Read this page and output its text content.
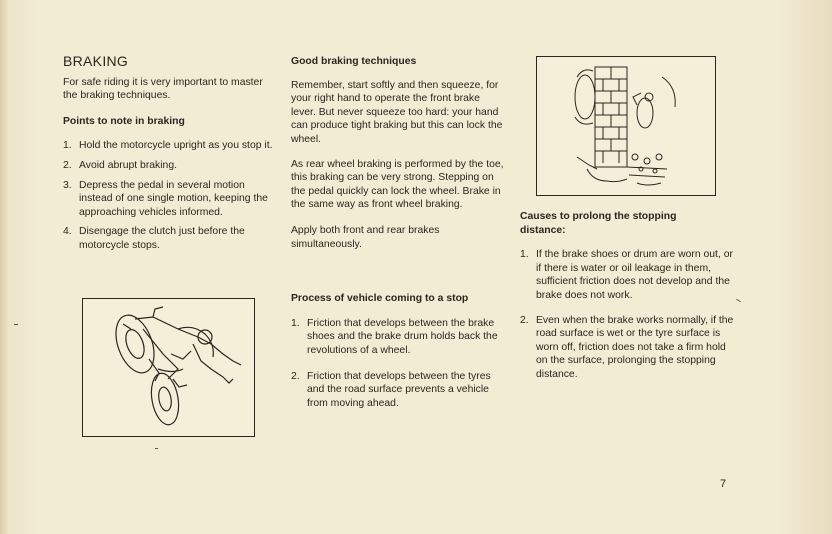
BRAKING

For safe riding it is very important to master the braking techniques.

Points to note in braking
1. Hold the motorcycle upright as you stop it.
2. Avoid abrupt braking.
3. Depress the pedal in several motion instead of one single motion, keeping the approaching vehicles informed.
4. Disengage the clutch just before the motorcycle stops.
Good braking techniques

Remember, start softly and then squeeze, for your right hand to operate the front brake lever. But never squeeze too hard: your hand can produce tight braking but this can lock the wheel.

As rear wheel braking is performed by the toe, this braking can be very strong. Stepping on the pedal quickly can lock the wheel. Brake in the same way as front wheel braking.

Apply both front and rear brakes simultaneously.

Process of vehicle coming to a stop
1. Friction that develops between the brake shoes and the brake drum holds back the revolutions of a wheel.
2. Friction that develops between the tyres and the road surface prevents a vehicle from moving ahead.
Causes to prolong the stopping distance:
1. If the brake shoes or drum are worn out, or if there is water or oil leakage in them, sufficient friction does not develop and the brake does not work.
2. Even when the brake works normally, if the road surface is wet or the tyre surface is worn off, friction does not take a firm hold on the surface, prolonging the stopping distance.
7
